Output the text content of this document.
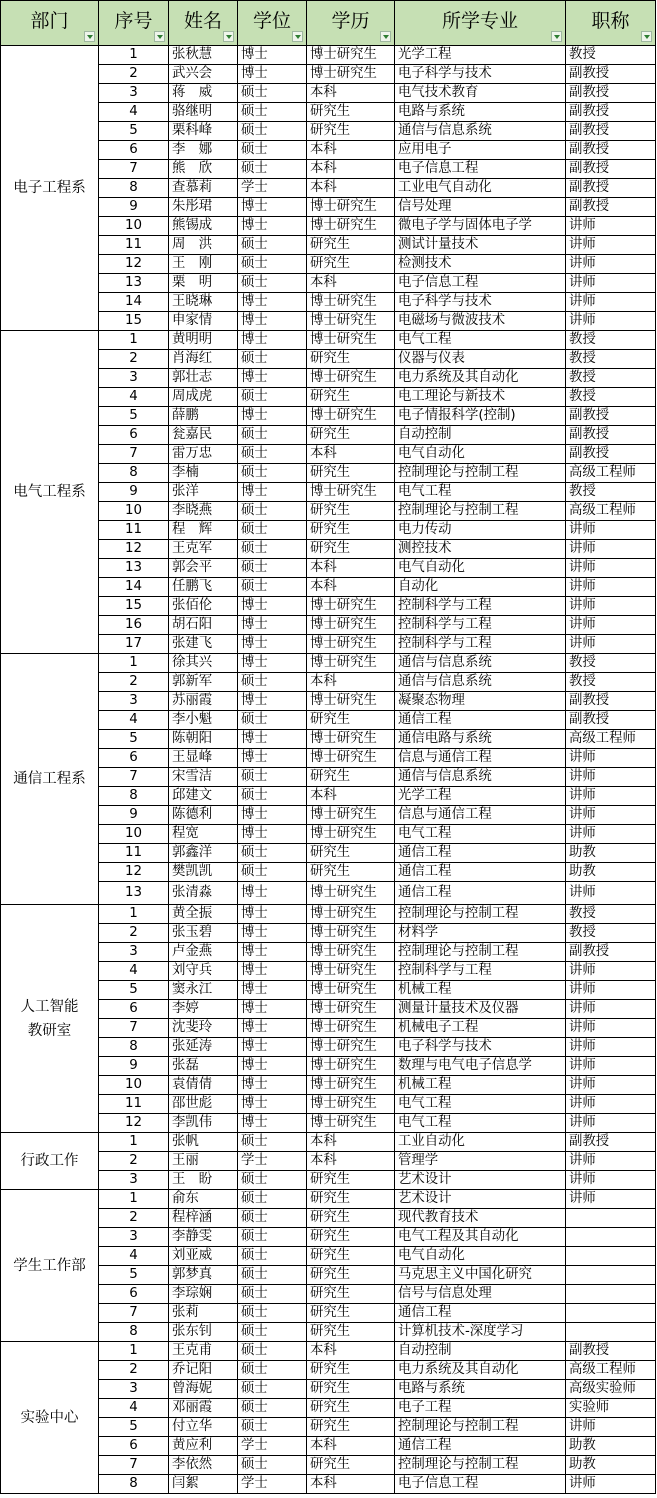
部门	序号	姓名	学位	学历	所学专业	职称

电子工程系	1	张秋慧	博士	博士研究生	光学工程	教授
	2	武兴会	博士	博士研究生	电子科学与技术	副教授
	3	蒋　威	硕士	本科	电气技术教育	副教授
	4	骆继明	硕士	研究生	电路与系统	副教授
	5	栗科峰	硕士	研究生	通信与信息系统	副教授
	6	李　娜	硕士	本科	应用电子	副教授
	7	熊　欣	硕士	本科	电子信息工程	副教授
	8	查慕莉	学士	本科	工业电气自动化	副教授
	9	朱彤珺	博士	博士研究生	信号处理	副教授
	10	熊锡成	博士	博士研究生	微电子学与固体电子学	讲师
	11	周　洪	硕士	研究生	测试计量技术	讲师
	12	王　刚	硕士	研究生	检测技术	讲师
	13	栗　明	硕士	本科	电子信息工程	讲师
	14	王晓琳	博士	博士研究生	电子科学与技术	讲师
	15	申家情	博士	博士研究生	电磁场与微波技术	讲师
电气工程系	1	黄明明	博士	博士研究生	电气工程	教授
	2	肖海红	硕士	研究生	仪器与仪表	教授
	3	郭壮志	博士	博士研究生	电力系统及其自动化	教授
	4	周成虎	硕士	研究生	电工理论与新技术	教授
	5	薛鹏	博士	博士研究生	电子情报科学(控制)	副教授
	6	瓮嘉民	硕士	研究生	自动控制	副教授
	7	雷万忠	硕士	本科	电气自动化	副教授
	8	李楠	硕士	研究生	控制理论与控制工程	高级工程师
	9	张洋	博士	博士研究生	电气工程	教授
	10	李晓燕	硕士	研究生	控制理论与控制工程	高级工程师
	11	程　辉	硕士	研究生	电力传动	讲师
	12	王克军	硕士	研究生	测控技术	讲师
	13	郭会平	硕士	本科	电气自动化	讲师
	14	任鹏飞	硕士	本科	自动化	讲师
	15	张佰伦	博士	博士研究生	控制科学与工程	讲师
	16	胡石阳	博士	博士研究生	控制科学与工程	讲师
	17	张建飞	博士	博士研究生	控制科学与工程	讲师
通信工程系	1	徐其兴	博士	博士研究生	通信与信息系统	教授
	2	郭新军	硕士	本科	通信与信息系统	教授
	3	苏丽霞	博士	博士研究生	凝聚态物理	副教授
	4	李小魁	硕士	研究生	通信工程	副教授
	5	陈朝阳	博士	博士研究生	通信电路与系统	高级工程师
	6	王显峰	博士	博士研究生	信息与通信工程	讲师
	7	宋雪洁	硕士	研究生	通信与信息系统	讲师
	8	邱建文	硕士	本科	光学工程	讲师
	9	陈德利	博士	博士研究生	信息与通信工程	讲师
	10	程宽	博士	博士研究生	电气工程	讲师
	11	郭鑫洋	硕士	研究生	通信工程	助教
	12	樊凯凯	硕士	研究生	通信工程	助教
	13	张清淼	博士	博士研究生	通信工程	讲师
人工智能教研室	1	黄全振	博士	博士研究生	控制理论与控制工程	教授
	2	张玉碧	博士	博士研究生	材料学	教授
	3	卢金燕	博士	博士研究生	控制理论与控制工程	副教授
	4	刘守兵	博士	博士研究生	控制科学与工程	讲师
	5	窦永江	博士	博士研究生	机械工程	讲师
	6	李婷	博士	博士研究生	测量计量技术及仪器	讲师
	7	沈斐玲	博士	博士研究生	机械电子工程	讲师
	8	张延涛	博士	博士研究生	电子科学与技术	讲师
	9	张磊	博士	博士研究生	数理与电气电子信息学	讲师
	10	袁倩倩	博士	博士研究生	机械工程	讲师
	11	邵世彪	博士	博士研究生	电气工程	讲师
	12	李凯伟	博士	博士研究生	电气工程	讲师
行政工作	1	张帆	硕士	本科	工业自动化	副教授
	2	王丽	学士	本科	管理学	讲师
	3	王　盼	硕士	研究生	艺术设计	讲师
学生工作部	1	俞东	硕士	研究生	艺术设计	讲师
	2	程梓涵	硕士	研究生	现代教育技术	
	3	李静雯	硕士	研究生	电气工程及其自动化	
	4	刘亚威	硕士	研究生	电气自动化	
	5	郭梦真	硕士	研究生	马克思主义中国化研究	
	6	李琮娴	硕士	研究生	信号与信息处理	
	7	张莉	硕士	研究生	通信工程	
	8	张东钊	硕士	研究生	计算机技术-深度学习	
实验中心	1	王克甫	硕士	本科	自动控制	副教授
	2	乔记阳	硕士	研究生	电力系统及其自动化	高级工程师
	3	曾海妮	硕士	研究生	电路与系统	高级实验师
	4	邓丽霞	硕士	研究生	电子工程	实验师
	5	付立华	硕士	研究生	控制理论与控制工程	讲师
	6	黄应利	学士	本科	通信工程	助教
	7	李依然	硕士	研究生	控制理论与控制工程	助教
	8	闫絮	学士	本科	电子信息工程	讲师
